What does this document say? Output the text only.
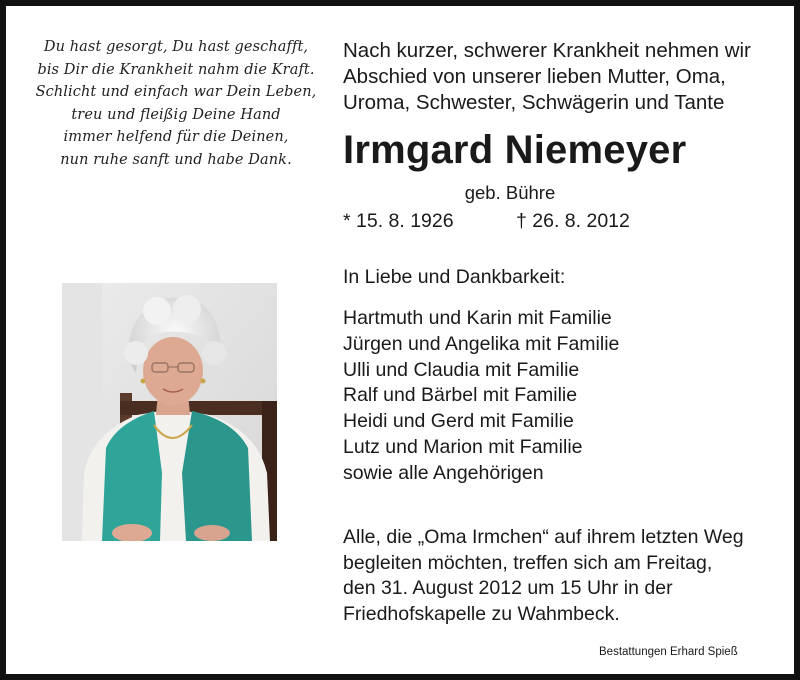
Du hast gesorgt, Du hast geschafft,
bis Dir die Krankheit nahm die Kraft.
Schlicht und einfach war Dein Leben,
treu und fleißig Deine Hand
immer helfend für die Deinen,
nun ruhe sanft und habe Dank.
Nach kurzer, schwerer Krankheit nehmen wir
Abschied von unserer lieben Mutter, Oma,
Uroma, Schwester, Schwägerin und Tante
Irmgard Niemeyer
geb. Bühre
* 15. 8. 1926	† 26. 8. 2012
In Liebe und Dankbarkeit:
Hartmuth und Karin mit Familie
Jürgen und Angelika mit Familie
Ulli und Claudia mit Familie
Ralf und Bärbel mit Familie
Heidi und Gerd mit Familie
Lutz und Marion mit Familie
sowie alle Angehörigen
Alle, die „Oma Irmchen“ auf ihrem letzten Weg
begleiten möchten, treffen sich am Freitag,
den 31. August 2012 um 15 Uhr in der
Friedhofskapelle zu Wahmbeck.
Bestattungen Erhard Spieß
